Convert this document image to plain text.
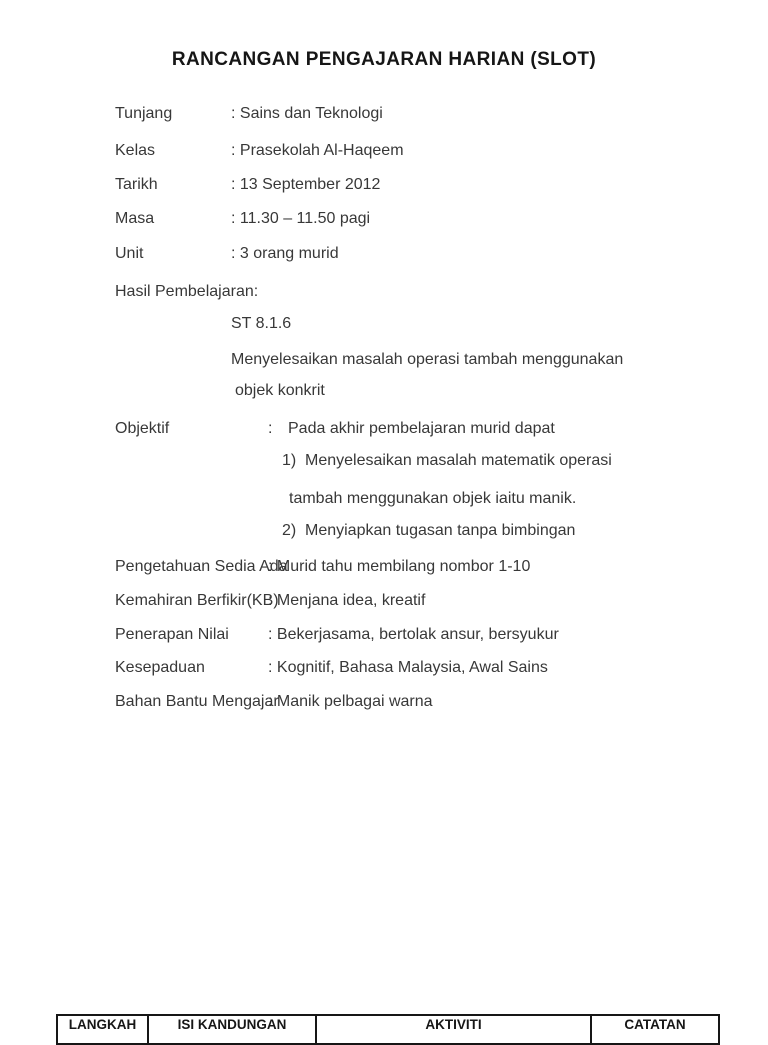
RANCANGAN PENGAJARAN HARIAN (SLOT)
Tunjang	: Sains dan Teknologi
Kelas	: Prasekolah Al-Haqeem
Tarikh	: 13 September 2012
Masa	: 11.30 – 11.50 pagi
Unit	: 3 orang murid
Hasil Pembelajaran:
ST 8.1.6
Menyelesaikan masalah operasi tambah menggunakan
objek konkrit
Objektif	: Pada akhir pembelajaran murid dapat
1) Menyelesaikan masalah matematik operasi
tambah menggunakan objek iaitu manik.
2) Menyiapkan tugasan tanpa bimbingan
Pengetahuan Sedia Ada
: Murid tahu membilang nombor 1-10
Kemahiran Berfikir(KB)
: Menjana idea, kreatif
Penerapan Nilai : Bekerjasama, bertolak ansur, bersyukur
Kesepaduan	: Kognitif, Bahasa Malaysia, Awal Sains
Bahan Bantu Mengajar
: Manik pelbagai warna
LANGKAH	ISI KANDUNGAN	AKTIVITI	CATATAN
